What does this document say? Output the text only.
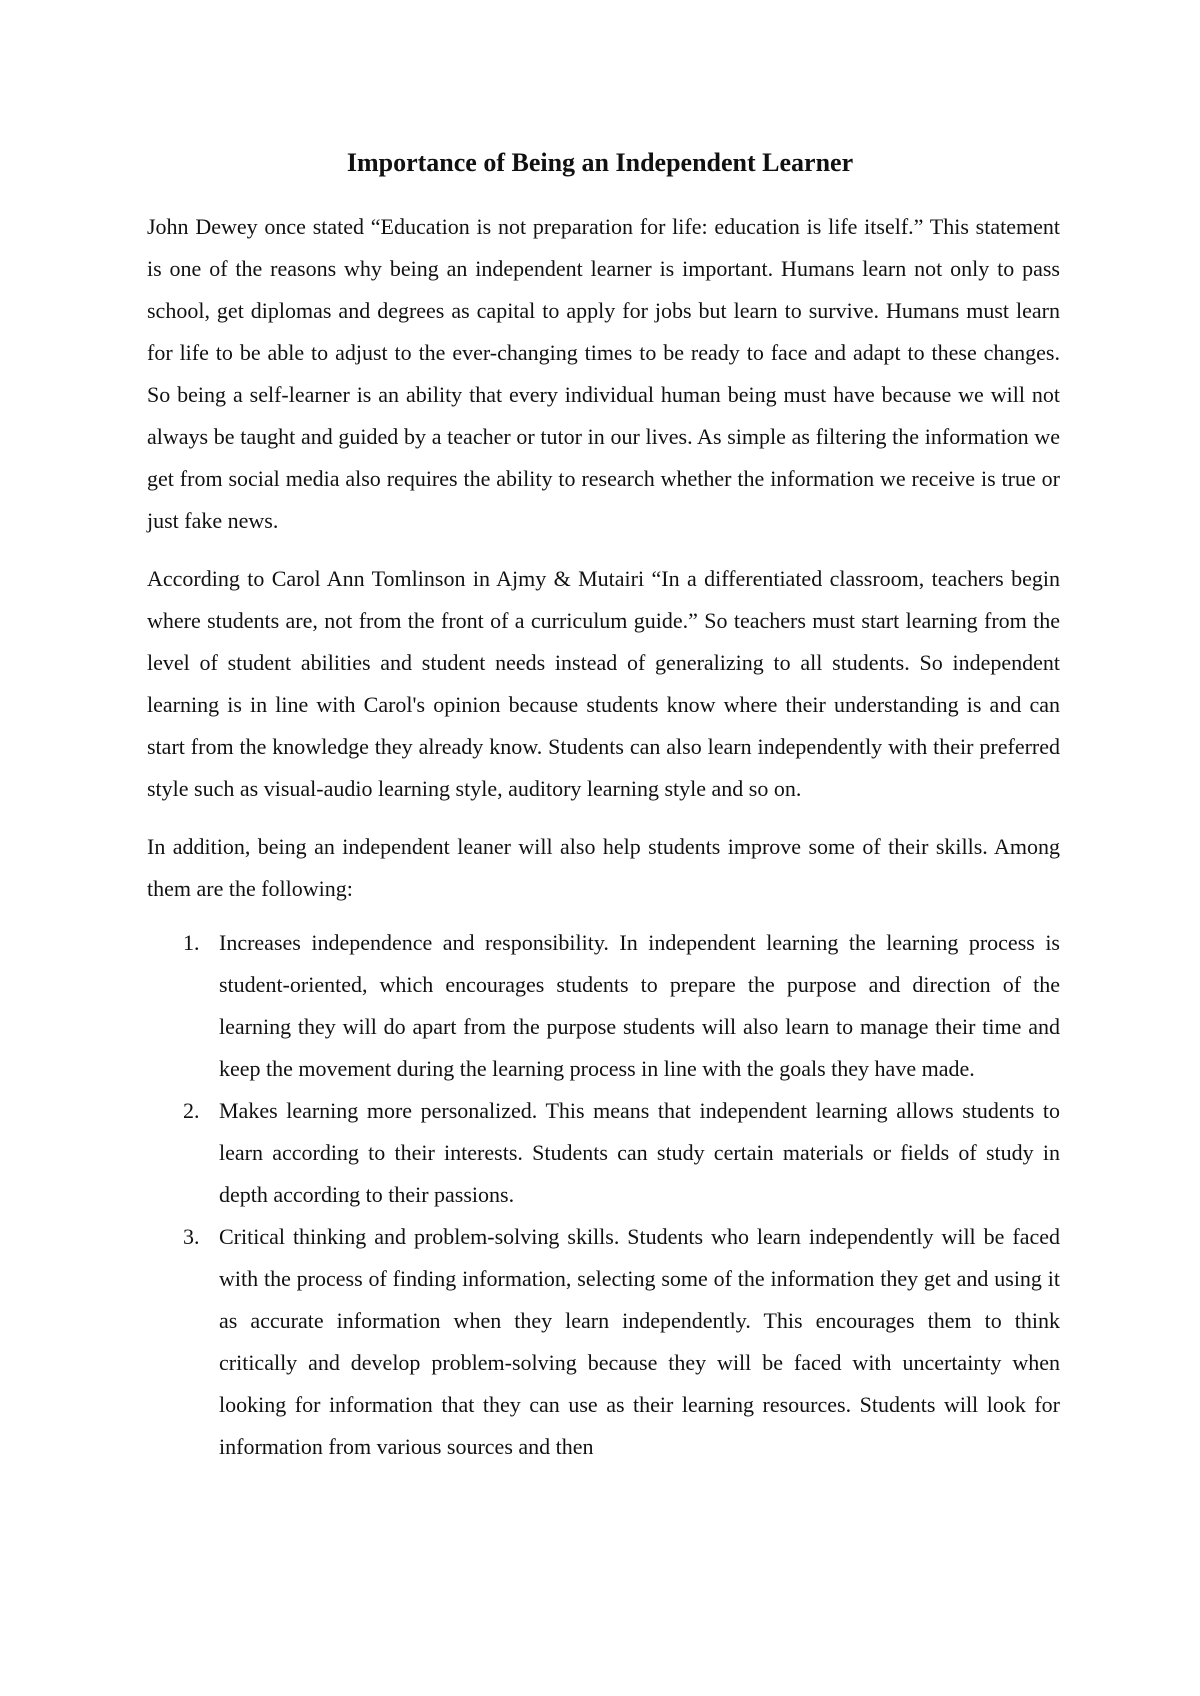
Importance of Being an Independent Learner

John Dewey once stated “Education is not preparation for life: education is life itself.” This statement is one of the reasons why being an independent learner is important. Humans learn not only to pass school, get diplomas and degrees as capital to apply for jobs but learn to survive. Humans must learn for life to be able to adjust to the ever-changing times to be ready to face and adapt to these changes. So being a self-learner is an ability that every individual human being must have because we will not always be taught and guided by a teacher or tutor in our lives. As simple as filtering the information we get from social media also requires the ability to research whether the information we receive is true or just fake news.

According to Carol Ann Tomlinson in Ajmy & Mutairi “In a differentiated classroom, teachers begin where students are, not from the front of a curriculum guide.” So teachers must start learning from the level of student abilities and student needs instead of generalizing to all students. So independent learning is in line with Carol's opinion because students know where their understanding is and can start from the knowledge they already know. Students can also learn independently with their preferred style such as visual-audio learning style, auditory learning style and so on.

In addition, being an independent leaner will also help students improve some of their skills. Among them are the following:

1. Increases independence and responsibility. In independent learning the learning process is student-oriented, which encourages students to prepare the purpose and direction of the learning they will do apart from the purpose students will also learn to manage their time and keep the movement during the learning process in line with the goals they have made.
2. Makes learning more personalized. This means that independent learning allows students to learn according to their interests. Students can study certain materials or fields of study in depth according to their passions.
3. Critical thinking and problem-solving skills. Students who learn independently will be faced with the process of finding information, selecting some of the information they get and using it as accurate information when they learn independently. This encourages them to think critically and develop problem-solving because they will be faced with uncertainty when looking for information that they can use as their learning resources. Students will look for information from various sources and then
